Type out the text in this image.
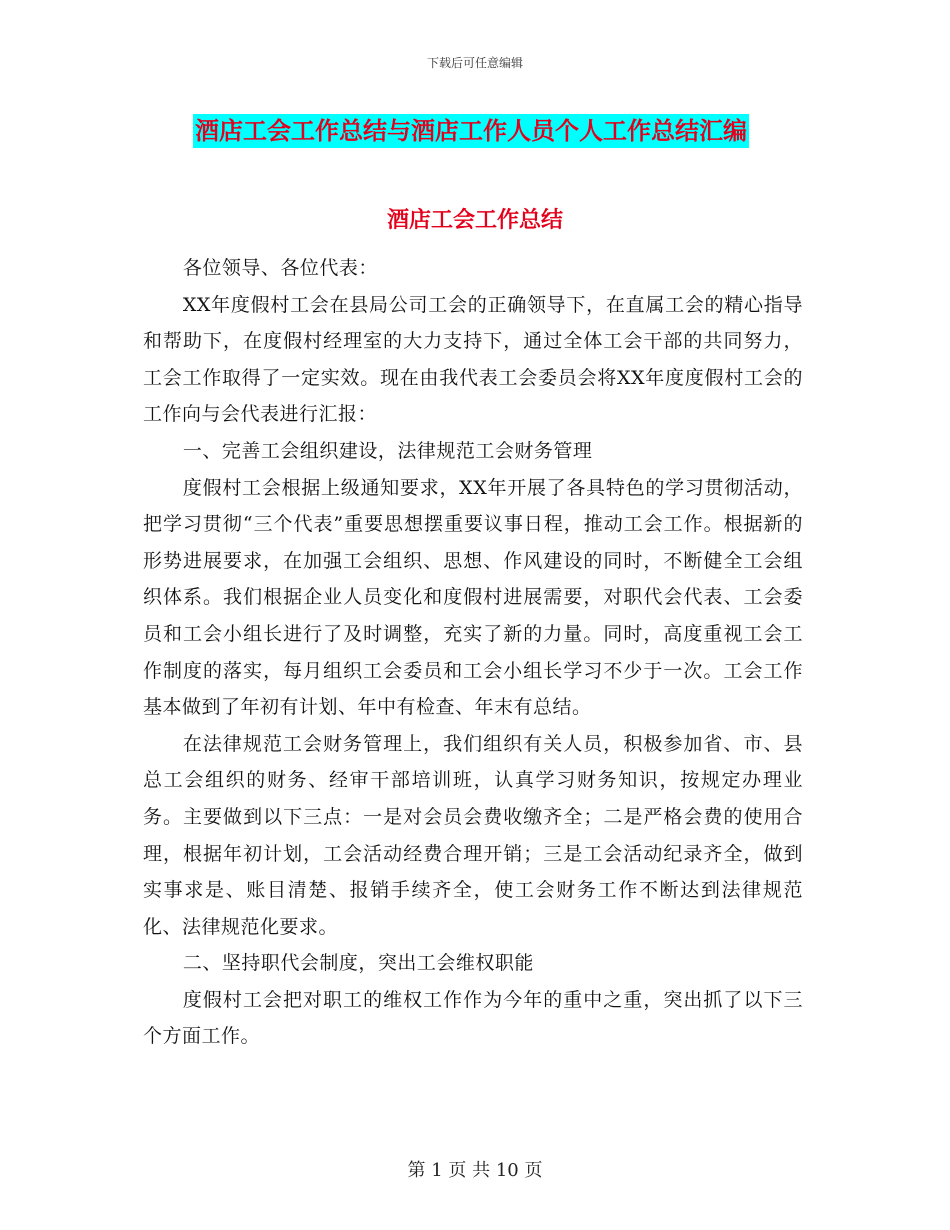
下载后可任意编辑
酒店工会工作总结与酒店工作人员个人工作总结汇编
酒店工会工作总结

各位领导、各位代表：

XX年度假村工会在县局公司工会的正确领导下，在直属工会的精心指导和帮助下，在度假村经理室的大力支持下，通过全体工会干部的共同努力，工会工作取得了一定实效。现在由我代表工会委员会将XX年度度假村工会的工作向与会代表进行汇报：

一、完善工会组织建设，法律规范工会财务管理

度假村工会根据上级通知要求，XX年开展了各具特色的学习贯彻活动，把学习贯彻“三个代表”重要思想摆重要议事日程，推动工会工作。根据新的形势进展要求，在加强工会组织、思想、作风建设的同时，不断健全工会组织体系。我们根据企业人员变化和度假村进展需要，对职代会代表、工会委员和工会小组长进行了及时调整，充实了新的力量。同时，高度重视工会工作制度的落实，每月组织工会委员和工会小组长学习不少于一次。工会工作基本做到了年初有计划、年中有检查、年末有总结。

在法律规范工会财务管理上，我们组织有关人员，积极参加省、市、县总工会组织的财务、经审干部培训班，认真学习财务知识，按规定办理业务。主要做到以下三点：一是对会员会费收缴齐全；二是严格会费的使用合理，根据年初计划，工会活动经费合理开销；三是工会活动纪录齐全，做到实事求是、账目清楚、报销手续齐全，使工会财务工作不断达到法律规范化、法律规范化要求。

二、坚持职代会制度，突出工会维权职能

度假村工会把对职工的维权工作作为今年的重中之重，突出抓了以下三个方面工作。

第 1 页 共 10 页
